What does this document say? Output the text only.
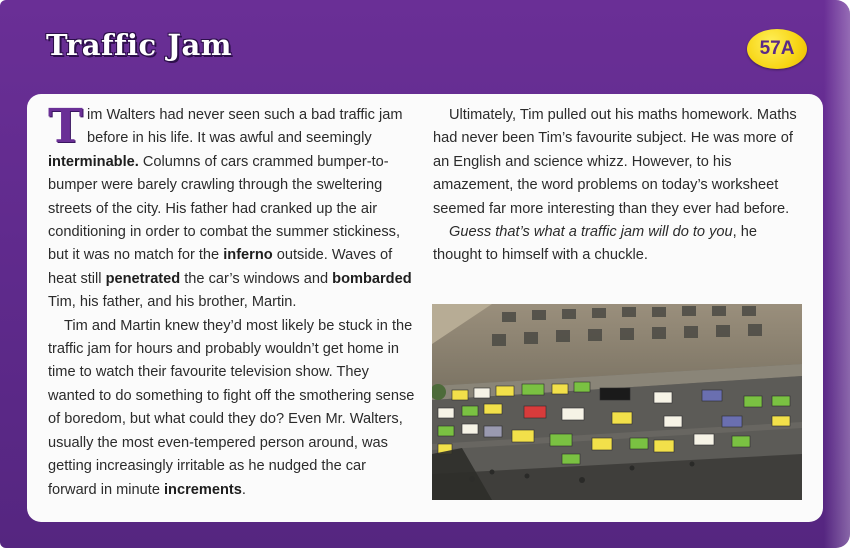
Traffic Jam	57A

Tim Walters had never seen such a bad traffic jam before in his life. It was awful and seemingly interminable. Columns of cars crammed bumper-to-bumper were barely crawling through the sweltering streets of the city. His father had cranked up the air conditioning in order to combat the summer stickiness, but it was no match for the inferno outside. Waves of heat still penetrated the car’s windows and bombarded Tim, his father, and his brother, Martin.

Tim and Martin knew they’d most likely be stuck in the traffic jam for hours and probably wouldn’t get home in time to watch their favourite television show. They wanted to do something to fight off the smothering sense of boredom, but what could they do? Even Mr. Walters, usually the most even-tempered person around, was getting increasingly irritable as he nudged the car forward in minute increments.

Ultimately, Tim pulled out his maths homework. Maths had never been Tim’s favourite subject. He was more of an English and science whizz. However, to his amazement, the word problems on today’s worksheet seemed far more interesting than they ever had before.

Guess that’s what a traffic jam will do to you, he thought to himself with a chuckle.
